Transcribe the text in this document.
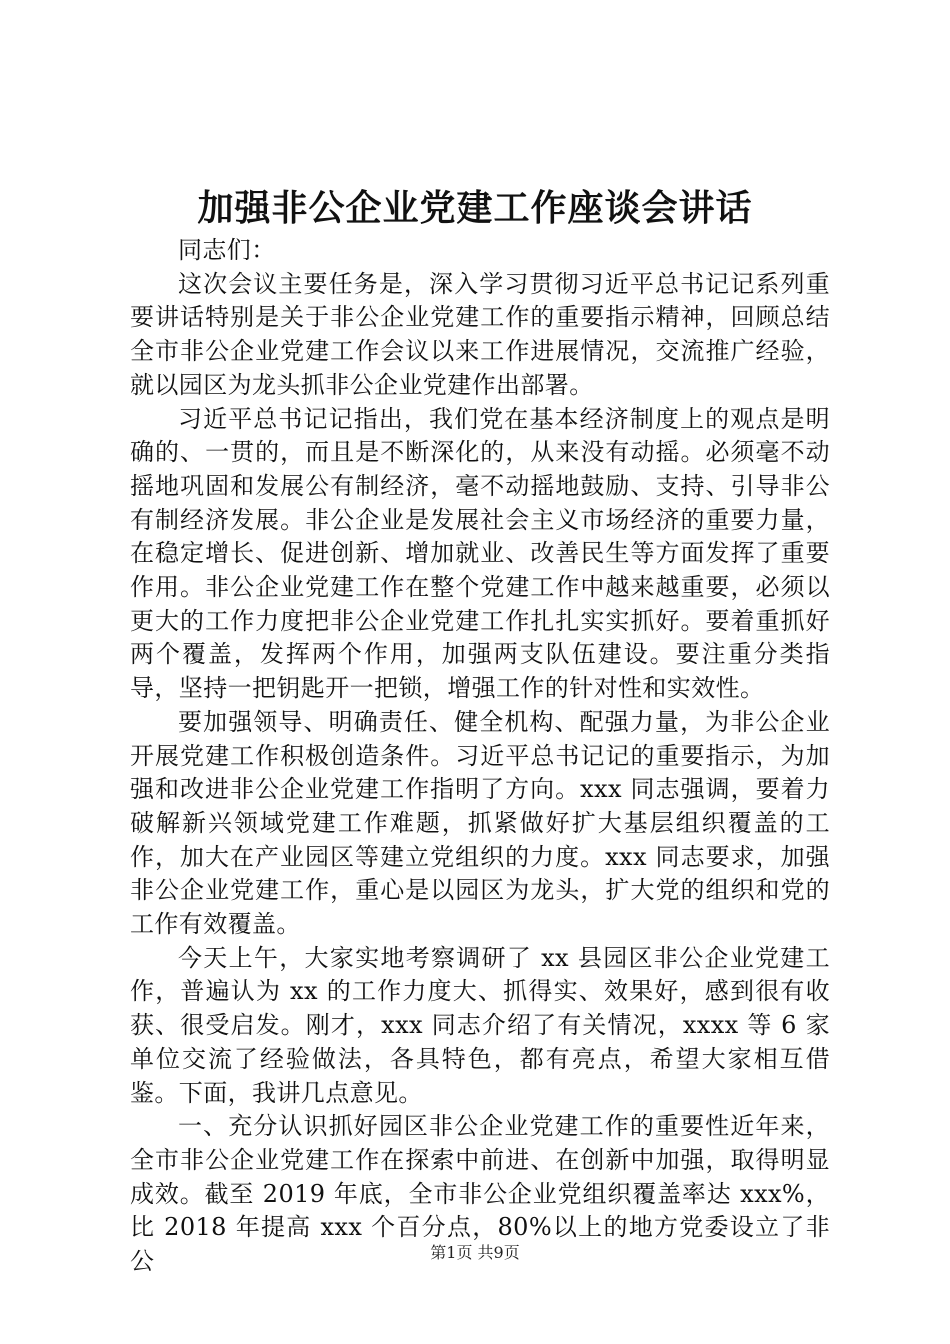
加强非公企业党建工作座谈会讲话

同志们：

这次会议主要任务是，深入学习贯彻习近平总书记记系列重要讲话特别是关于非公企业党建工作的重要指示精神，回顾总结全市非公企业党建工作会议以来工作进展情况，交流推广经验，就以园区为龙头抓非公企业党建作出部署。

习近平总书记记指出，我们党在基本经济制度上的观点是明确的、一贯的，而且是不断深化的，从来没有动摇。必须毫不动摇地巩固和发展公有制经济，毫不动摇地鼓励、支持、引导非公有制经济发展。非公企业是发展社会主义市场经济的重要力量，在稳定增长、促进创新、增加就业、改善民生等方面发挥了重要作用。非公企业党建工作在整个党建工作中越来越重要，必须以更大的工作力度把非公企业党建工作扎扎实实抓好。要着重抓好两个覆盖，发挥两个作用，加强两支队伍建设。要注重分类指导，坚持一把钥匙开一把锁，增强工作的针对性和实效性。

要加强领导、明确责任、健全机构、配强力量，为非公企业开展党建工作积极创造条件。习近平总书记记的重要指示，为加强和改进非公企业党建工作指明了方向。xxx 同志强调，要着力破解新兴领域党建工作难题，抓紧做好扩大基层组织覆盖的工作，加大在产业园区等建立党组织的力度。xxx 同志要求，加强非公企业党建工作，重心是以园区为龙头，扩大党的组织和党的工作有效覆盖。

今天上午，大家实地考察调研了 xx 县园区非公企业党建工作，普遍认为 xx 的工作力度大、抓得实、效果好，感到很有收获、很受启发。刚才，xxx 同志介绍了有关情况，xxxx 等 6 家单位交流了经验做法，各具特色，都有亮点，希望大家相互借鉴。下面，我讲几点意见。

一、充分认识抓好园区非公企业党建工作的重要性近年来，全市非公企业党建工作在探索中前进、在创新中加强，取得明显成效。截至 2019 年底，全市非公企业党组织覆盖率达 xxx%，比 2018 年提高 xxx 个百分点，80%以上的地方党委设立了非公	第1页 共9页
